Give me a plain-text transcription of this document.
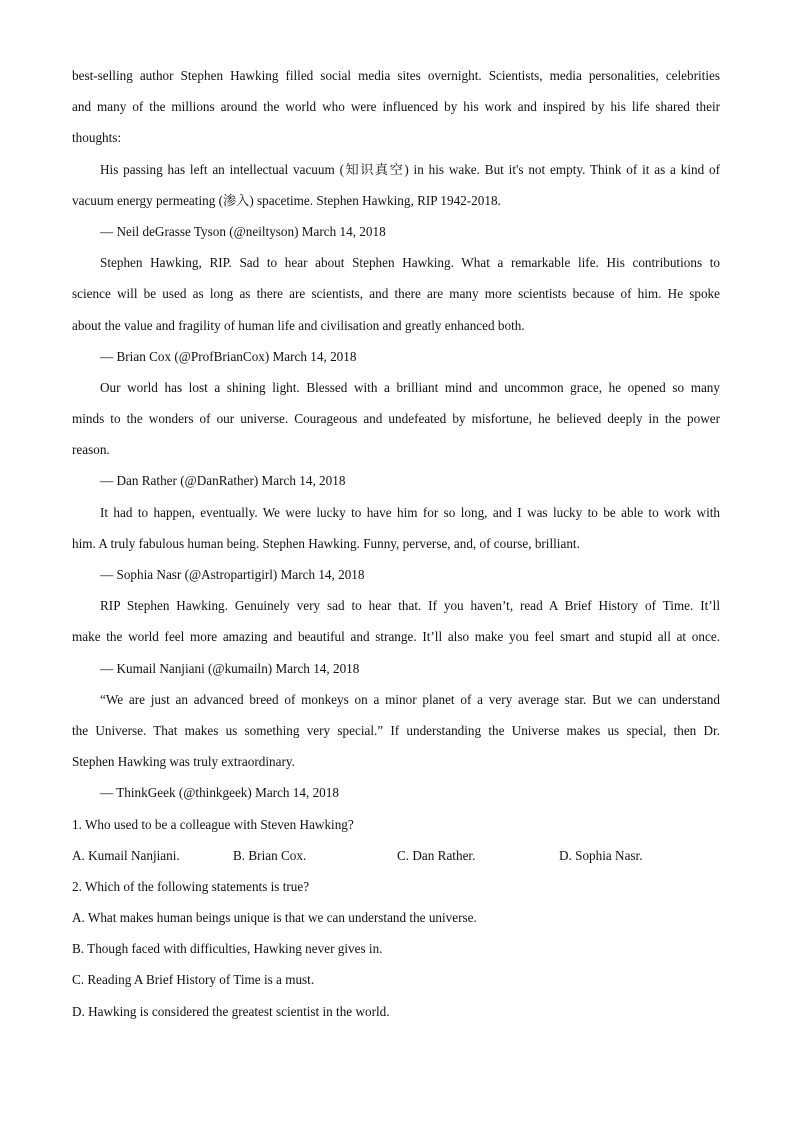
best-selling author Stephen Hawking filled social media sites overnight. Scientists, media personalities, celebrities

and many of the millions around the world who were influenced by his work and inspired by his life shared their

thoughts:

His passing has left an intellectual vacuum (知识真空) in his wake. But it's not empty. Think of it as a kind of

vacuum energy permeating (渗入) spacetime. Stephen Hawking, RIP 1942-2018.

— Neil deGrasse Tyson (@neiltyson) March 14, 2018

Stephen Hawking, RIP. Sad to hear about Stephen Hawking. What a remarkable life. His contributions to

science will be used as long as there are scientists, and there are many more scientists because of him. He spoke

about the value and fragility of human life and civilisation and greatly enhanced both.

— Brian Cox (@ProfBrianCox) March 14, 2018

Our world has lost a shining light. Blessed with a brilliant mind and uncommon grace, he opened so many

minds to the wonders of our universe. Courageous and undefeated by misfortune, he believed deeply in the power

reason.

— Dan Rather (@DanRather) March 14, 2018

It had to happen, eventually. We were lucky to have him for so long, and I was lucky to be able to work with

him. A truly fabulous human being. Stephen Hawking. Funny, perverse, and, of course, brilliant.

— Sophia Nasr (@Astropartigirl) March 14, 2018

RIP Stephen Hawking. Genuinely very sad to hear that. If you haven’t, read A Brief History of Time. It’ll

make the world feel more amazing and beautiful and strange. It’ll also make you feel smart and stupid all at once.

— Kumail Nanjiani (@kumailn) March 14, 2018

“We are just an advanced breed of monkeys on a minor planet of a very average star. But we can understand

the Universe. That makes us something very special.” If understanding the Universe makes us special, then Dr.

Stephen Hawking was truly extraordinary.

— ThinkGeek (@thinkgeek) March 14, 2018

1. Who used to be a colleague with Steven Hawking?

A. Kumail Nanjiani.	B. Brian Cox.	C. Dan Rather.	D. Sophia Nasr.

2. Which of the following statements is true?

A. What makes human beings unique is that we can understand the universe.

B. Though faced with difficulties, Hawking never gives in.

C. Reading A Brief History of Time is a must.

D. Hawking is considered the greatest scientist in the world.
